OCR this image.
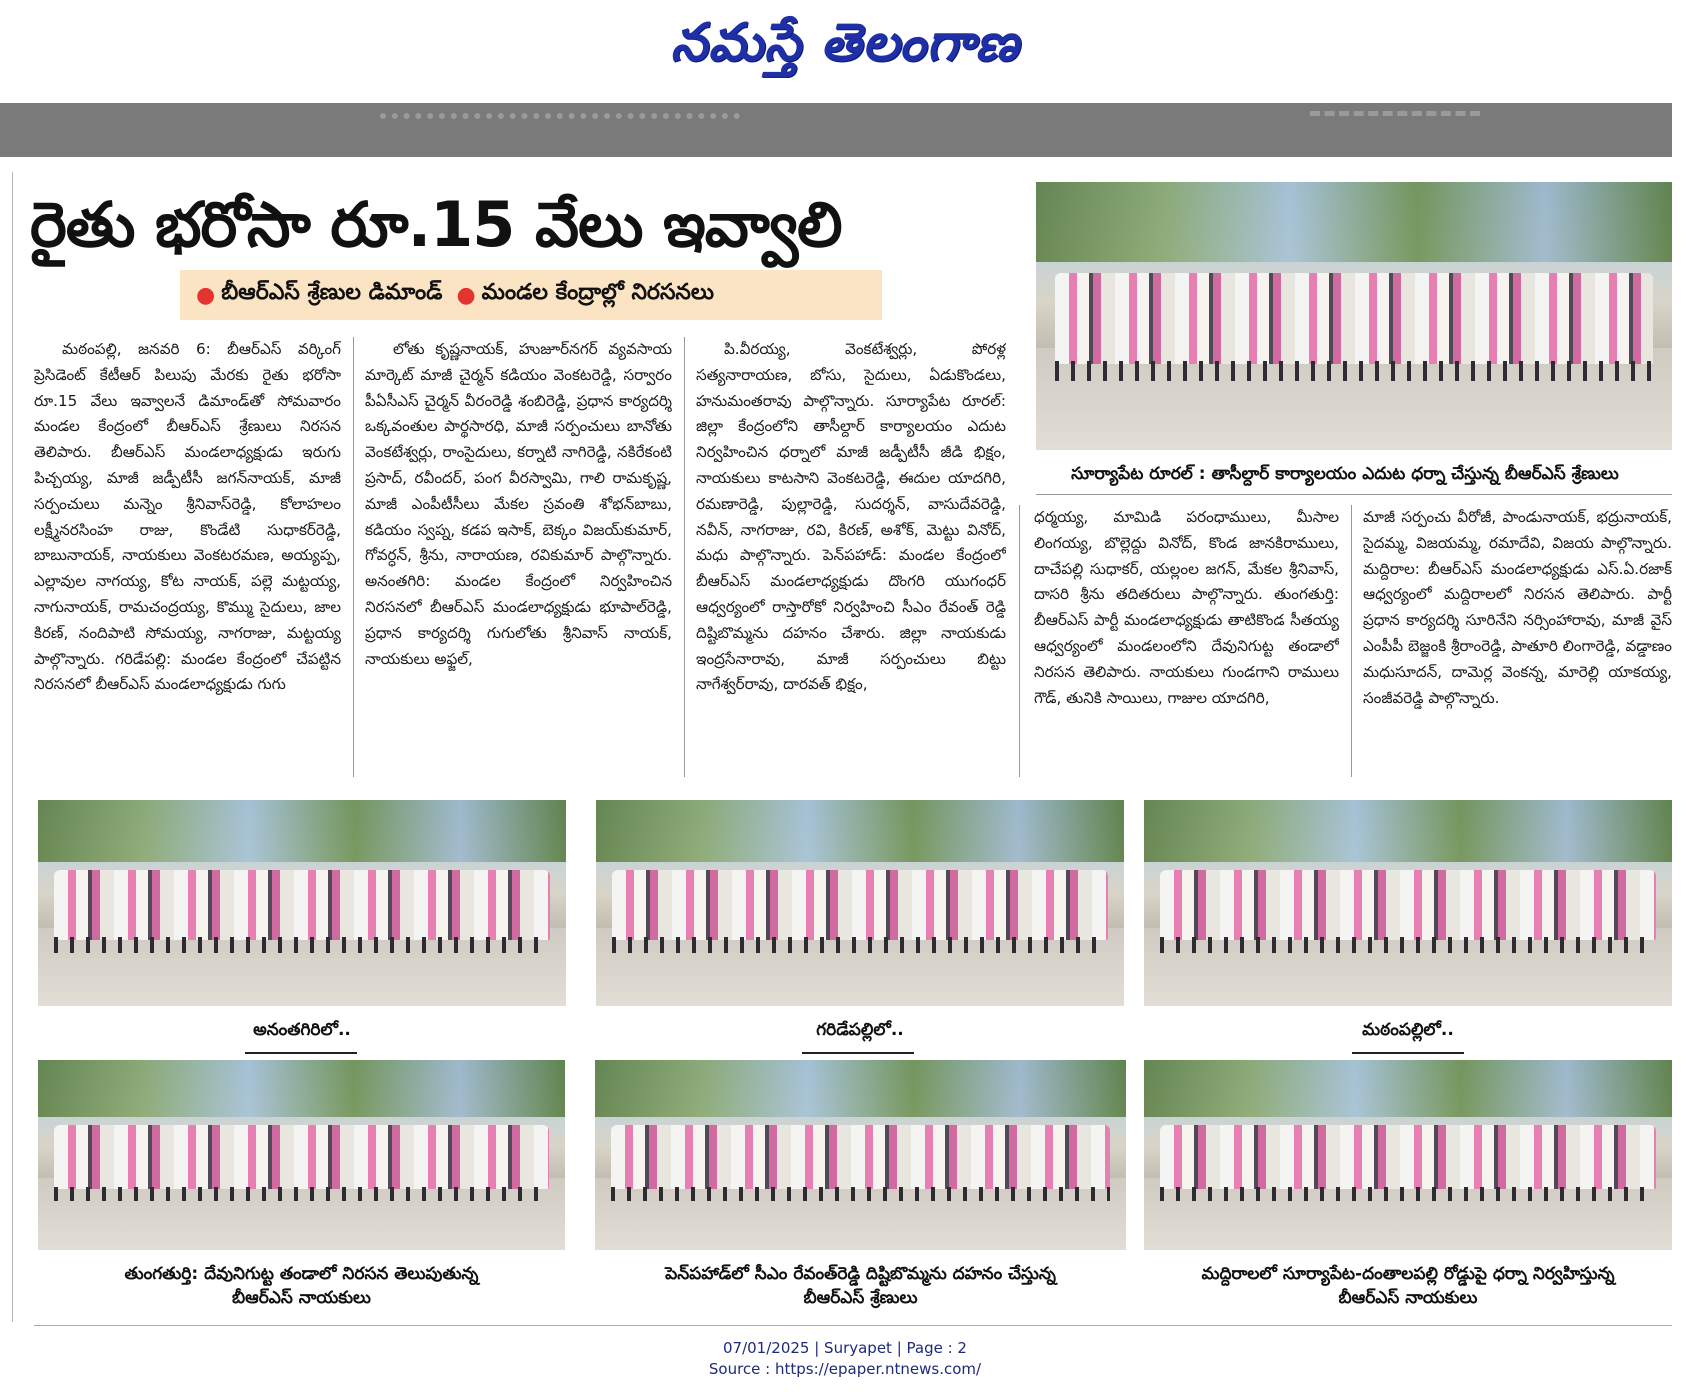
నమస్తే తెలంగాణ
రైతు భరోసా రూ.15 వేలు ఇవ్వాలి
● బీఆర్ఎస్ శ్రేణుల డిమాండ్ ● మండల కేంద్రాల్లో నిరసనలు
సూర్యాపేట రూరల్ : తాసీల్దార్ కార్యాలయం ఎదుట ధర్నా చేస్తున్న బీఆర్ఎస్ శ్రేణులు

మఠంపల్లి, జనవరి 6: బీఆర్ఎస్ వర్కింగ్ ప్రెసిడెంట్ కేటీఆర్ పిలుపు మేరకు రైతు భరోసా రూ.15 వేలు ఇవ్వాలనే డిమాండ్‌తో సోమవారం మండల కేంద్రంలో బీఆర్ఎస్ శ్రేణులు నిరసన తెలిపారు. బీఆర్ఎస్ మండలాధ్యక్షుడు ఇరుగు పిచ్చయ్య, మాజీ జడ్పీటీసీ జగన్‌నాయక్, మాజీ సర్పంచులు మన్నెం శ్రీనివాస్‌రెడ్డి, కోలాహలం లక్ష్మీనరసింహ రాజు, కొండేటి సుధాకర్‌రెడ్డి, బాబునాయక్, నాయకులు వెంకటరమణ, అయ్యప్ప, ఎల్లావుల నాగయ్య, కోట నాయక్, పల్లె మట్టయ్య, నాగునాయక్, రామచంద్రయ్య, కొమ్ము సైదులు, జాల కిరణ్, నందిపాటి సోమయ్య, నాగరాజు, మట్టయ్య పాల్గొన్నారు. గరిడేపల్లి: మండల కేంద్రంలో చేపట్టిన నిరసనలో బీఆర్ఎస్ మండలాధ్యక్షుడు గుగు

లోతు కృష్ణనాయక్, హుజూర్‌నగర్ వ్యవసాయ మార్కెట్ మాజీ చైర్మన్ కడియం వెంకటరెడ్డి, సర్వారం పీఏసీఎస్ చైర్మన్ వీరంరెడ్డి శంబిరెడ్డి, ప్రధాన కార్యదర్శి ఒక్కవంతుల పార్థసారధి, మాజీ సర్పంచులు బానోతు వెంకటేశ్వర్లు, రాంసైదులు, కర్నాటి నాగిరెడ్డి, నకిరేకంటి ప్రసాద్, రవీందర్, పంగ వీరస్వామి, గాలి రామకృష్ణ, మాజీ ఎంపీటీసీలు మేకల స్రవంతి శోభన్‌బాబు, కడియం స్వప్న, కడప ఇసాక్, బెక్కం విజయ్‌కుమార్, గోవర్ధన్, శ్రీను, నారాయణ, రవికుమార్ పాల్గొన్నారు. అనంతగిరి: మండల కేంద్రంలో నిర్వహించిన నిరసనలో బీఆర్ఎస్ మండలాధ్యక్షుడు భూపాల్‌రెడ్డి, ప్రధాన కార్యదర్శి గుగులోతు శ్రీనివాస్ నాయక్, నాయకులు అఫ్జల్,

పి.వీరయ్య, వెంకటేశ్వర్లు, పోరళ్ల సత్యనారాయణ, బోసు, సైదులు, ఏడుకొండలు, హనుమంతరావు పాల్గొన్నారు. సూర్యాపేట రూరల్: జిల్లా కేంద్రంలోని తాసీల్దార్ కార్యాలయం ఎదుట నిర్వహించిన ధర్నాలో మాజీ జడ్పీటీసీ జీడి భిక్షం, నాయకులు కాటసాని వెంకటరెడ్డి, ఈదుల యాదగిరి, రమణారెడ్డి, పుల్లారెడ్డి, సుదర్శన్, వాసుదేవరెడ్డి, నవీన్, నాగరాజు, రవి, కిరణ్, అశోక్, మెట్టు వినోద్, మధు పాల్గొన్నారు. పెన్‌పహాడ్: మండల కేంద్రంలో బీఆర్ఎస్ మండలాధ్యక్షుడు దొంగరి యుగంధర్ ఆధ్వర్యంలో రాస్తారోకో నిర్వహించి సీఎం రేవంత్ రెడ్డి దిష్టిబొమ్మను దహనం చేశారు. జిల్లా నాయకుడు ఇంద్రసేనారావు, మాజీ సర్పంచులు బిట్టు నాగేశ్వర్‌రావు, దారవత్ భిక్షం,

ధర్మయ్య, మామిడి పరంధాములు, మీసాల లింగయ్య, బొల్లెద్దు వినోద్, కొండ జానకిరాములు, దాచేపల్లి సుధాకర్, యల్లంల జగన్, మేకల శ్రీనివాస్, దాసరి శ్రీను తదితరులు పాల్గొన్నారు. తుంగతుర్తి: బీఆర్ఎస్ పార్టీ మండలాధ్యక్షుడు తాటికొండ సీతయ్య ఆధ్వర్యంలో మండలంలోని దేవునిగుట్ట తండాలో నిరసన తెలిపారు. నాయకులు గుండగాని రాములు గౌడ్, తునికి సాయిలు, గాజుల యాదగిరి,

మాజీ సర్పంచు వీరోజీ, పాండునాయక్, భద్రునాయక్, సైదమ్మ, విజయమ్మ, రమాదేవి, విజయ పాల్గొన్నారు. మద్దిరాల: బీఆర్ఎస్ మండలాధ్యక్షుడు ఎస్.ఏ.రజాక్ ఆధ్వర్యంలో మద్దిరాలలో నిరసన తెలిపారు. పార్టీ ప్రధాన కార్యదర్శి సూరినేని నర్సింహారావు, మాజీ వైస్ ఎంపీపీ బెజ్జంకి శ్రీరాంరెడ్డి, పాతూరి లింగారెడ్డి, వడ్డాణం మధుసూదన్, దామెర్ల వెంకన్న, మారెల్లి యాకయ్య, సంజీవరెడ్డి పాల్గొన్నారు.

అనంతగిరిలో..	గరిడేపల్లిలో..	మఠంపల్లిలో..
తుంగతుర్తి: దేవునిగుట్ట తండాలో నిరసన తెలుపుతున్న
బీఆర్ఎస్ నాయకులు
పెన్‌పహాడ్‌లో సీఎం రేవంత్‌రెడ్డి దిష్టిబొమ్మను దహనం చేస్తున్న
బీఆర్ఎస్ శ్రేణులు
మద్దిరాలలో సూర్యాపేట-దంతాలపల్లి రోడ్డుపై ధర్నా నిర్వహిస్తున్న
బీఆర్ఎస్ నాయకులు
07/01/2025 | Suryapet | Page : 2
Source : https://epaper.ntnews.com/
